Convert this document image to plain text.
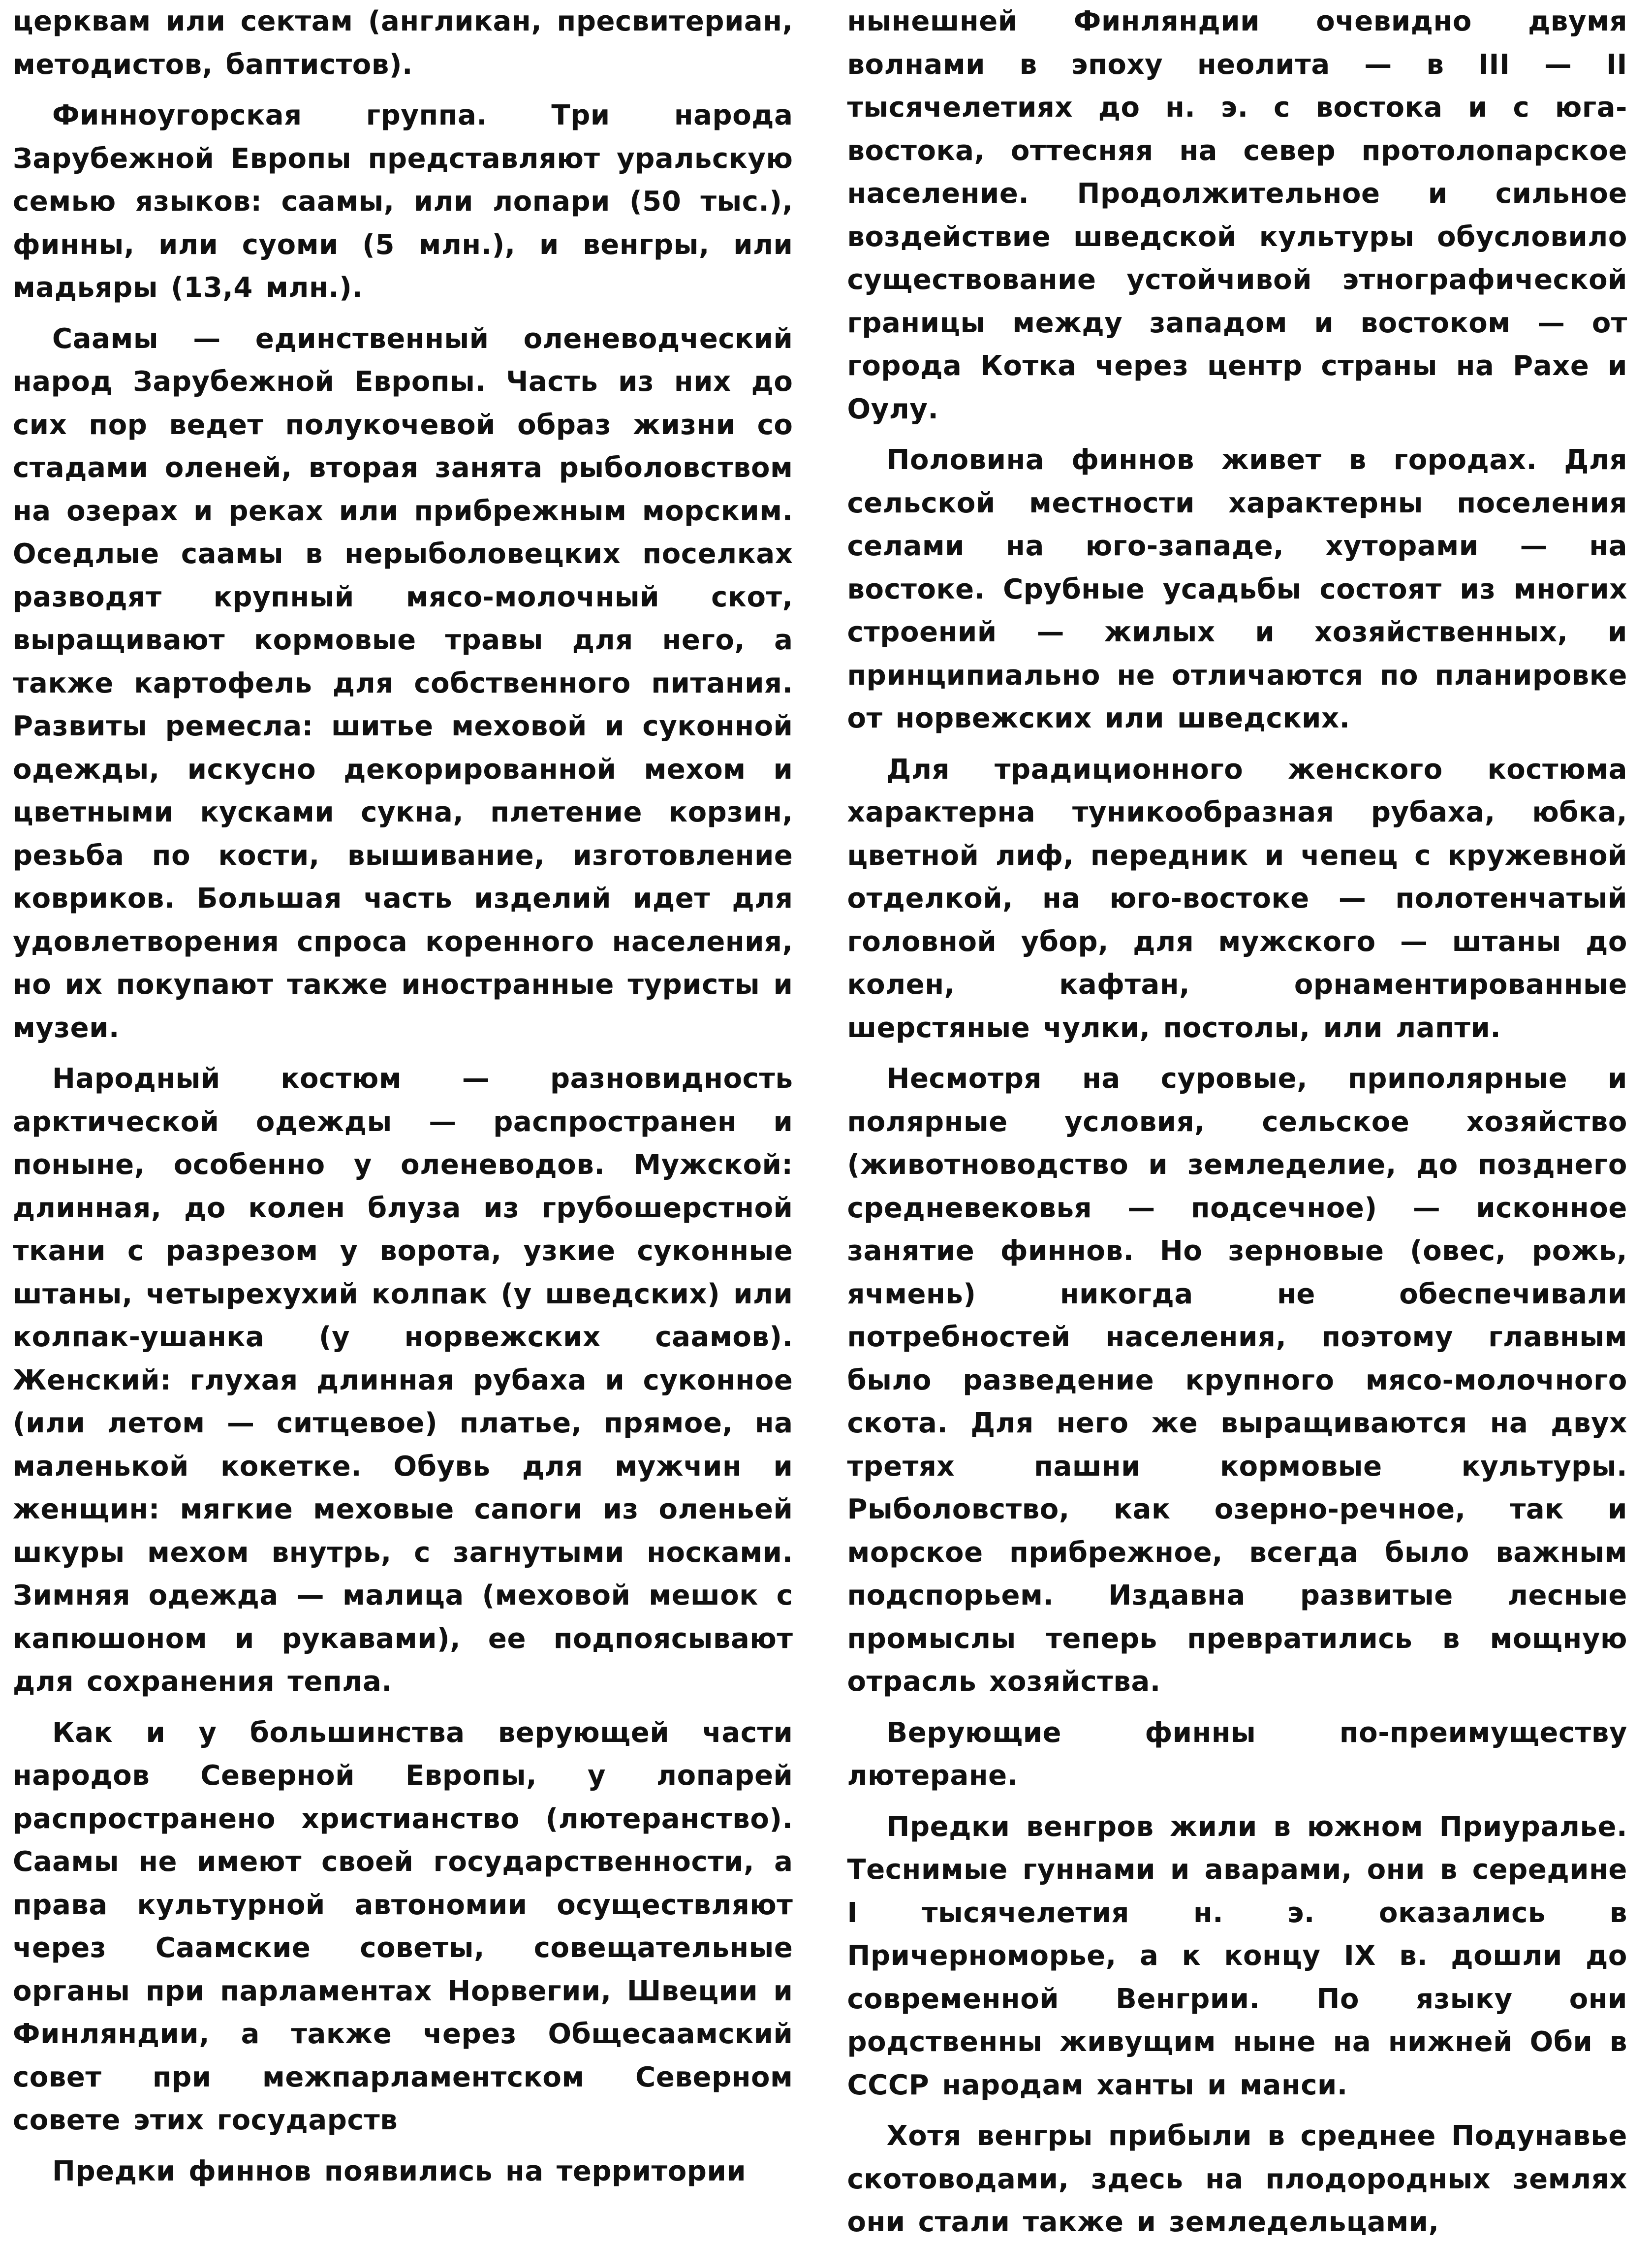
церквам или сектам (англикан, пресвитериан, методистов, баптистов).

Финноугорская группа. Три народа Зарубежной Европы представляют уральскую семью языков: саамы, или лопари (50 тыс.), финны, или суоми (5 млн.), и венгры, или мадьяры (13,4 млн.).

Саамы — единственный оленеводческий народ Зарубежной Европы. Часть из них до сих пор ведет полукочевой образ жизни со стадами оленей, вторая занята рыболовством на озерах и реках или прибрежным морским. Оседлые саамы в нерыболовецких поселках разводят крупный мясо-молочный скот, выращивают кормовые травы для него, а также картофель для собственного питания. Развиты ремесла: шитье меховой и суконной одежды, искусно декорированной мехом и цветными кусками сукна, плетение корзин, резьба по кости, вышивание, изготовление ковриков. Большая часть изделий идет для удовлетворения спроса коренного населения, но их покупают также иностранные туристы и музеи.

Народный костюм — разновидность арктической одежды — распространен и поныне, особенно у оленеводов. Мужской: длинная, до колен блуза из грубошерстной ткани с разрезом у ворота, узкие суконные штаны, четырехухий колпак (у шведских) или колпак-ушанка (у норвежских саамов). Женский: глухая длинная рубаха и суконное (или летом — ситцевое) платье, прямое, на маленькой кокетке. Обувь для мужчин и женщин: мягкие меховые сапоги из оленьей шкуры мехом внутрь, с загнутыми носками. Зимняя одежда — малица (меховой мешок с капюшоном и рукавами), ее подпоясывают для сохранения тепла.

Как и у большинства верующей части народов Северной Европы, у лопарей распространено христианство (лютеранство). Саамы не имеют своей государственности, а права культурной автономии осуществляют через Саамские советы, совещательные органы при парламентах Норвегии, Швеции и Финляндии, а также через Общесаамский совет при межпарламентском Северном совете этих государств

Предки финнов появились на территории

нынешней Финляндии очевидно двумя волнами в эпоху неолита — в III — II тысячелетиях до н. э. с востока и с юга-востока, оттесняя на север протолопарское население. Продолжительное и сильное воздействие шведской культуры обусловило существование устойчивой этнографической границы между западом и востоком — от города Котка через центр страны на Рахе и Оулу.

Половина финнов живет в городах. Для сельской местности характерны поселения селами на юго-западе, хуторами — на востоке. Срубные усадьбы состоят из многих строений — жилых и хозяйственных, и принципиально не отличаются по планировке от норвежских или шведских.

Для традиционного женского костюма характерна туникообразная рубаха, юбка, цветной лиф, передник и чепец с кружевной отделкой, на юго-востоке — полотенчатый головной убор, для мужского — штаны до колен, кафтан, орнаментированные шерстяные чулки, постолы, или лапти.

Несмотря на суровые, приполярные и полярные условия, сельское хозяйство (животноводство и земледелие, до позднего средневековья — подсечное) — исконное занятие финнов. Но зерновые (овес, рожь, ячмень) никогда не обеспечивали потребностей населения, поэтому главным было разведение крупного мясо-молочного скота. Для него же выращиваются на двух третях пашни кормовые культуры. Рыболовство, как озерно-речное, так и морское прибрежное, всегда было важным подспорьем. Издавна развитые лесные промыслы теперь превратились в мощную отрасль хозяйства.

Верующие финны по-преимуществу лютеране.

Предки венгров жили в южном Приуралье. Теснимые гуннами и аварами, они в середине I тысячелетия н. э. оказались в Причерноморье, а к концу IX в. дошли до современной Венгрии. По языку они родственны живущим ныне на нижней Оби в СССР народам ханты и манси.

Хотя венгры прибыли в среднее Подунавье скотоводами, здесь на плодородных землях они стали также и земледельцами,
